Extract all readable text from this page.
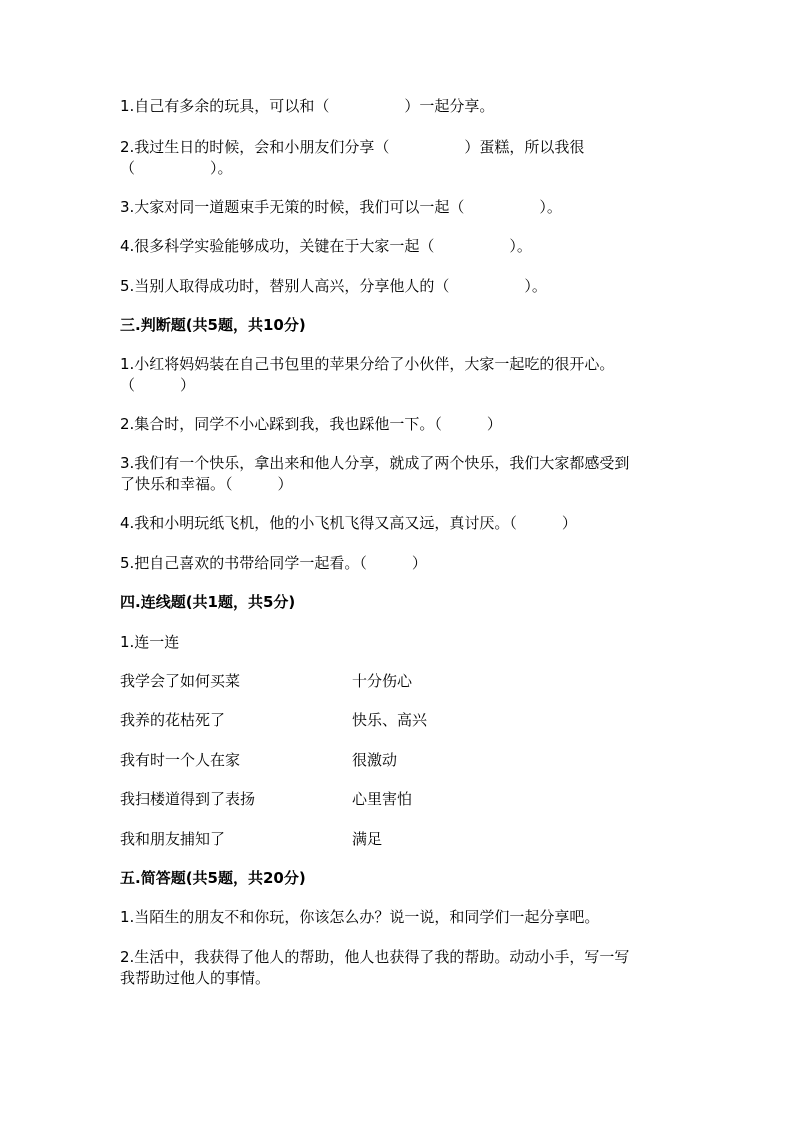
1.自己有多余的玩具，可以和（　　　　　）一起分享。
2.我过生日的时候，会和小朋友们分享（　　　　　）蛋糕，所以我很
（　　　　　）。
3.大家对同一道题束手无策的时候，我们可以一起（　　　　　）。
4.很多科学实验能够成功，关键在于大家一起（　　　　　）。
5.当别人取得成功时，替别人高兴，分享他人的（　　　　　）。
三.判断题(共5题，共10分)
1.小红将妈妈装在自己书包里的苹果分给了小伙伴，大家一起吃的很开心。
（　　　）
2.集合时，同学不小心踩到我，我也踩他一下。（　　　）
3.我们有一个快乐，拿出来和他人分享，就成了两个快乐，我们大家都感受到
了快乐和幸福。（　　　）
4.我和小明玩纸飞机，他的小飞机飞得又高又远，真讨厌。（　　　）
5.把自己喜欢的书带给同学一起看。（　　　）
四.连线题(共1题，共5分)
1.连一连
我学会了如何买菜	十分伤心
我养的花枯死了	快乐、高兴
我有时一个人在家	很激动
我扫楼道得到了表扬	心里害怕
我和朋友捕知了	满足
五.简答题(共5题，共20分)
1.当陌生的朋友不和你玩，你该怎么办？说一说，和同学们一起分享吧。
2.生活中，我获得了他人的帮助，他人也获得了我的帮助。动动小手，写一写
我帮助过他人的事情。
